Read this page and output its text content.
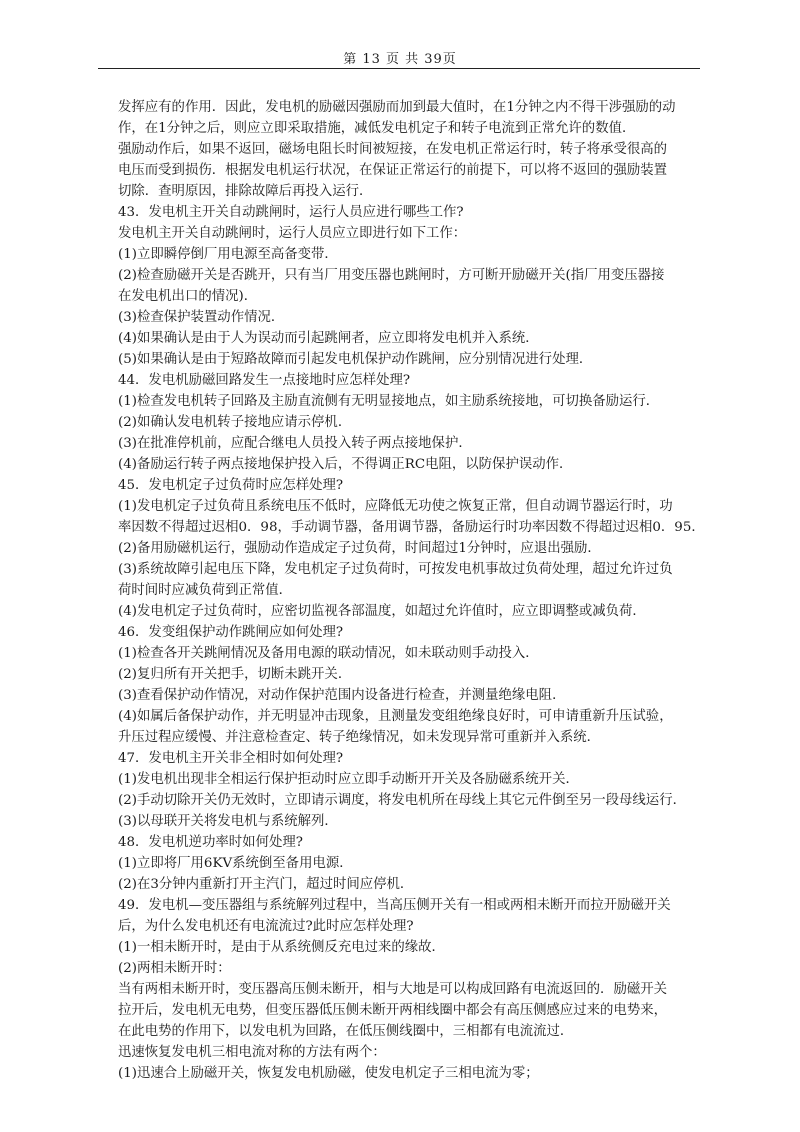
第 13 页 共 39页
发挥应有的作用．因此，发电机的励磁因强励而加到最大值时，在1分钟之内不得干涉强励的动
作，在1分钟之后，则应立即采取措施，减低发电机定子和转子电流到正常允许的数值．
强励动作后，如果不返回，磁场电阻长时间被短接，在发电机正常运行时，转子将承受很高的
电压而受到损伤．根据发电机运行状况，在保证正常运行的前提下，可以将不返回的强励装置
切除．查明原因，排除故障后再投入运行．
43．发电机主开关自动跳闸时，运行人员应进行哪些工作?
发电机主开关自动跳闸时，运行人员应立即进行如下工作：
(1)立即瞬停倒厂用电源至高备变带．
(2)检查励磁开关是否跳开，只有当厂用变压器也跳闸时，方可断开励磁开关(指厂用变压器接
在发电机出口的情况)．
(3)检查保护装置动作情况．
(4)如果确认是由于人为误动而引起跳闸者，应立即将发电机并入系统．
(5)如果确认是由于短路故障而引起发电机保护动作跳闸，应分别情况进行处理．
44．发电机励磁回路发生一点接地时应怎样处理?
(1)检查发电机转子回路及主励直流侧有无明显接地点，如主励系统接地，可切换备励运行．
(2)如确认发电机转子接地应请示停机．
(3)在批准停机前，应配合继电人员投入转子两点接地保护．
(4)备励运行转子两点接地保护投入后，不得调正RC电阻，以防保护误动作．
45．发电机定子过负荷时应怎样处理?
(1)发电机定子过负荷且系统电压不低时，应降低无功使之恢复正常，但自动调节器运行时，功
率因数不得超过迟相0．98，手动调节器，备用调节器，备励运行时功率因数不得超过迟相0．95．
(2)备用励磁机运行，强励动作造成定子过负荷，时间超过1分钟时，应退出强励．
(3)系统故障引起电压下降，发电机定子过负荷时，可按发电机事故过负荷处理，超过允许过负
荷时间时应减负荷到正常值．
(4)发电机定子过负荷时，应密切监视各部温度，如超过允许值时，应立即调整或减负荷．
46．发变组保护动作跳闸应如何处理?
(1)检查各开关跳闸情况及备用电源的联动情况，如未联动则手动投入．
(2)复归所有开关把手，切断未跳开关．
(3)查看保护动作情况，对动作保护范围内设备进行检查，并测量绝缘电阻．
(4)如属后备保护动作，并无明显冲击现象，且测量发变组绝缘良好时，可申请重新升压试验，
升压过程应缓慢、并注意检查定、转子绝缘情况，如未发现异常可重新并入系统．
47．发电机主开关非全相时如何处理?
(1)发电机出现非全相运行保护拒动时应立即手动断开开关及各励磁系统开关．
(2)手动切除开关仍无效时，立即请示调度，将发电机所在母线上其它元件倒至另一段母线运行．
(3)以母联开关将发电机与系统解列．
48．发电机逆功率时如何处理?
(1)立即将厂用6KV系统倒至备用电源．
(2)在3分钟内重新打开主汽门，超过时间应停机．
49．发电机—变压器组与系统解列过程中，当高压侧开关有一相或两相未断开而拉开励磁开关
后，为什么发电机还有电流流过?此时应怎样处理?
(1)一相未断开时，是由于从系统侧反充电过来的缘故．
(2)两相未断开时：
当有两相未断开时，变压器高压侧未断开，相与大地是可以构成回路有电流返回的．励磁开关
拉开后，发电机无电势，但变压器低压侧未断开两相线圈中都会有高压侧感应过来的电势来，
在此电势的作用下，以发电机为回路，在低压侧线圈中，三相都有电流流过．
迅速恢复发电机三相电流对称的方法有两个：
(1)迅速合上励磁开关，恢复发电机励磁，使发电机定子三相电流为零；
